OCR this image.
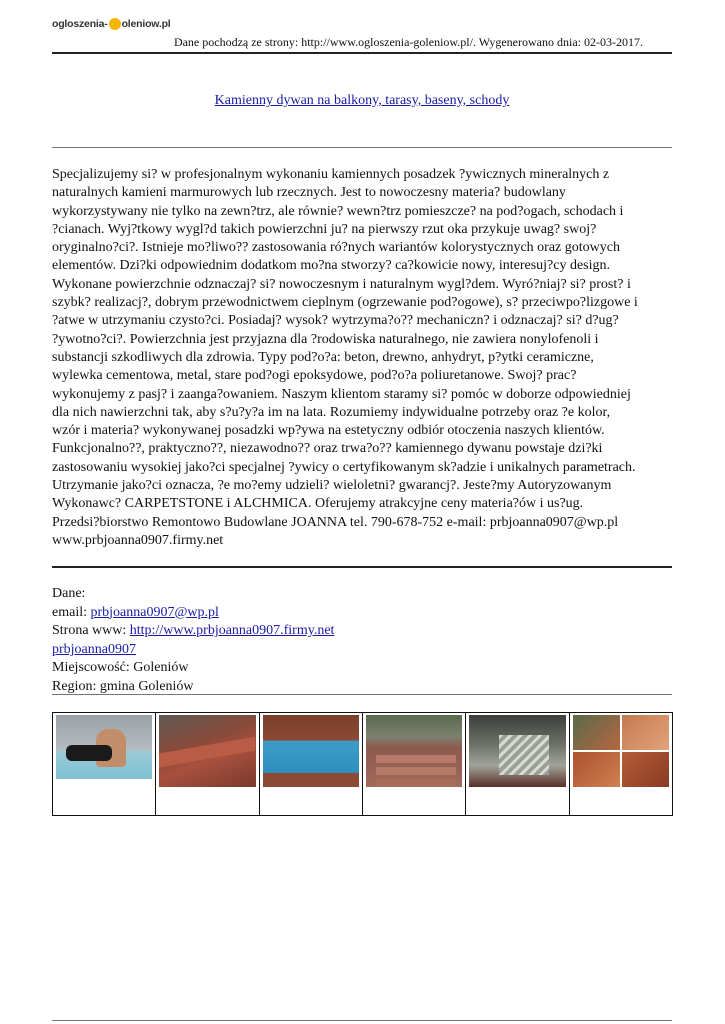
ogloszenia- oleniow.pl
Dane pochodzą ze strony: http://www.ogloszenia-goleniow.pl/. Wygenerowano dnia: 02-03-2017.
Kamienny dywan na balkony, tarasy, baseny, schody
Specjalizujemy si? w profesjonalnym wykonaniu kamiennych posadzek ?ywicznych mineralnych z
naturalnych kamieni marmurowych lub rzecznych. Jest to nowoczesny materia? budowlany
wykorzystywany nie tylko na zewn?trz, ale równie? wewn?trz pomieszcze? na pod?ogach, schodach i
?cianach. Wyj?tkowy wygl?d takich powierzchni ju? na pierwszy rzut oka przykuje uwag? swoj?
oryginalno?ci?. Istnieje mo?liwo?? zastosowania ró?nych wariantów kolorystycznych oraz gotowych
elementów. Dzi?ki odpowiednim dodatkom mo?na stworzy? ca?kowicie nowy, interesuj?cy design.
Wykonane powierzchnie odznaczaj? si? nowoczesnym i naturalnym wygl?dem. Wyró?niaj? si? prost? i
szybk? realizacj?, dobrym przewodnictwem cieplnym (ogrzewanie pod?ogowe), s? przeciwpo?lizgowe i
?atwe w utrzymaniu czysto?ci. Posiadaj? wysok? wytrzyma?o?? mechaniczn? i odznaczaj? si? d?ug?
?ywotno?ci?. Powierzchnia jest przyjazna dla ?rodowiska naturalnego, nie zawiera nonylofenoli i
substancji szkodliwych dla zdrowia. Typy pod?o?a: beton, drewno, anhydryt, p?ytki ceramiczne,
wylewka cementowa, metal, stare pod?ogi epoksydowe, pod?o?a poliuretanowe. Swoj? prac?
wykonujemy z pasj? i zaanga?owaniem. Naszym klientom staramy si? pomóc w doborze odpowiedniej
dla nich nawierzchni tak, aby s?u?y?a im na lata. Rozumiemy indywidualne potrzeby oraz ?e kolor,
wzór i materia? wykonywanej posadzki wp?ywa na estetyczny odbiór otoczenia naszych klientów.
Funkcjonalno??, praktyczno??, niezawodno?? oraz trwa?o?? kamiennego dywanu powstaje dzi?ki
zastosowaniu wysokiej jako?ci specjalnej ?ywicy o certyfikowanym sk?adzie i unikalnych parametrach.
Utrzymanie jako?ci oznacza, ?e mo?emy udzieli? wieloletni? gwarancj?. Jeste?my Autoryzowanym
Wykonawc? CARPETSTONE i ALCHMICA. Oferujemy atrakcyjne ceny materia?ów i us?ug.
Przedsi?biorstwo Remontowo Budowlane JOANNA tel. 790-678-752 e-mail: prbjoanna0907@wp.pl
www.prbjoanna0907.firmy.net
Dane:
email: prbjoanna0907@wp.pl
Strona www: http://www.prbjoanna0907.firmy.net
prbjoanna0907
Miejscowość: Goleniów
Region: gmina Goleniów
